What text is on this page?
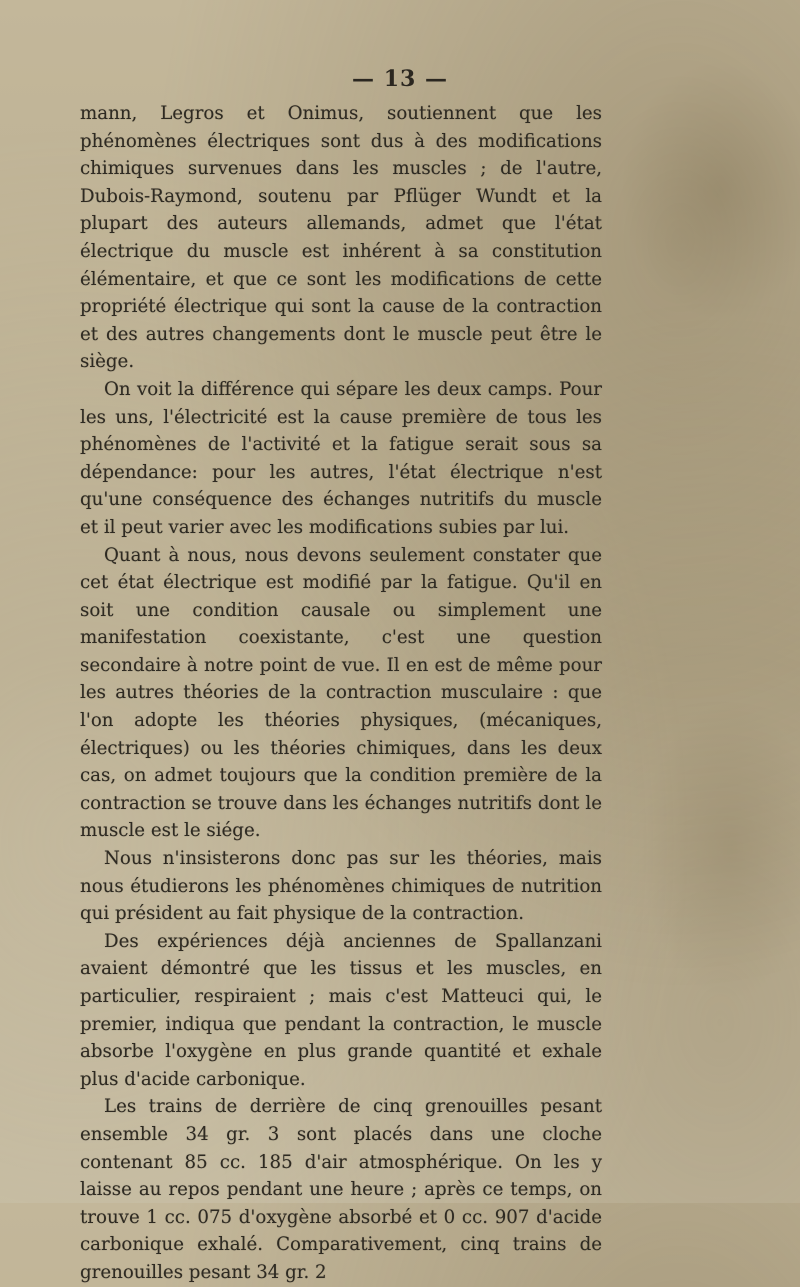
— 13 —

mann, Legros et Onimus, soutiennent que les phénomènes électriques sont dus à des modifications chimiques survenues dans les muscles ; de l'autre, Dubois-Raymond, soutenu par Pflüger Wundt et la plupart des auteurs allemands, admet que l'état électrique du muscle est inhérent à sa constitution élémentaire, et que ce sont les modifications de cette propriété électrique qui sont la cause de la contraction et des autres changements dont le muscle peut être le siège.

On voit la différence qui sépare les deux camps. Pour les uns, l'électricité est la cause première de tous les phénomènes de l'activité et la fatigue serait sous sa dépendance: pour les autres, l'état électrique n'est qu'une conséquence des échanges nutritifs du muscle et il peut varier avec les modifications subies par lui.

Quant à nous, nous devons seulement constater que cet état électrique est modifié par la fatigue. Qu'il en soit une condition causale ou simplement une manifestation coexistante, c'est une question secondaire à notre point de vue. Il en est de même pour les autres théories de la contraction musculaire : que l'on adopte les théories physiques, (mécaniques, électriques) ou les théories chimiques, dans les deux cas, on admet toujours que la condition première de la contraction se trouve dans les échanges nutritifs dont le muscle est le siége.

Nous n'insisterons donc pas sur les théories, mais nous étudierons les phénomènes chimiques de nutrition qui président au fait physique de la contraction.

Des expériences déjà anciennes de Spallanzani avaient démontré que les tissus et les muscles, en particulier, respiraient ; mais c'est Matteuci qui, le premier, indiqua que pendant la contraction, le muscle absorbe l'oxygène en plus grande quantité et exhale plus d'acide carbonique.

Les trains de derrière de cinq grenouilles pesant ensemble 34 gr. 3 sont placés dans une cloche contenant 85 cc. 185 d'air atmosphérique. On les y laisse au repos pendant une heure ; après ce temps, on trouve 1 cc. 075 d'oxygène absorbé et 0 cc. 907 d'acide carbonique exhalé. Comparativement, cinq trains de grenouilles pesant 34 gr. 2
